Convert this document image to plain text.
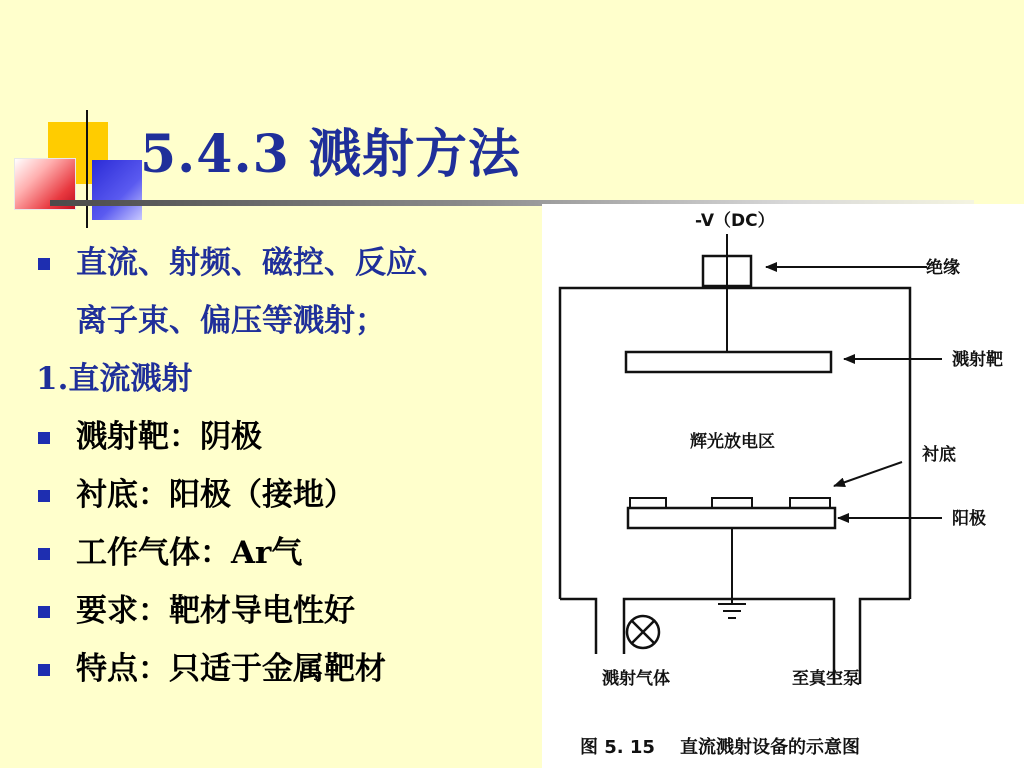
5.4.3 溅射方法
直流、射频、磁控、反应、
离子束、偏压等溅射；
1.直流溅射
溅射靶：阴极
衬底：阳极（接地）
工作气体：Ar气
要求：靶材导电性好
特点：只适于金属靶材
-V（DC）
绝缘
溅射靶
辉光放电区
衬底
阳极
溅射气体	至真空泵
图 5. 15    直流溅射设备的示意图
